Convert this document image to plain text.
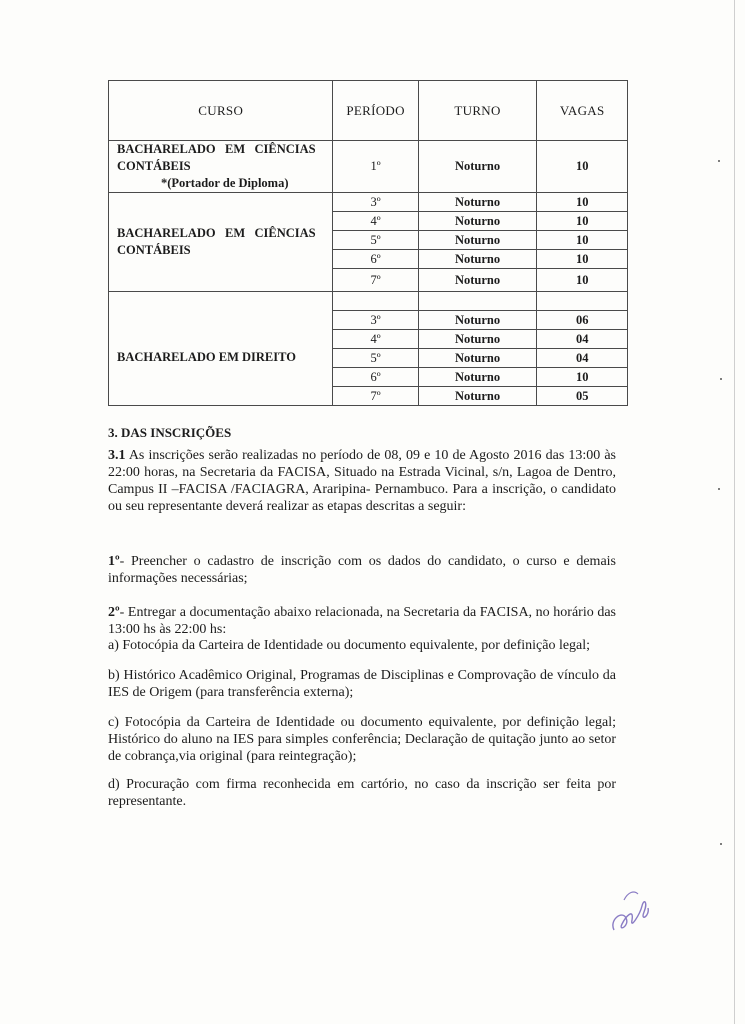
CURSO	PERÍODO	TURNO	VAGAS

BACHARELADO   EM   CIÊNCIAS
CONTÁBEIS
*(Portador de Diploma)	1º	Noturno	10

BACHARELADO   EM   CIÊNCIAS
CONTÁBEIS	3º	Noturno	10
	4º	Noturno	10
	5º	Noturno	10
	6º	Noturno	10
	7º	Noturno	10

BACHARELADO EM DIREITO	3º	Noturno	06
	4º	Noturno	04
	5º	Noturno	04
	6º	Noturno	10
	7º	Noturno	05
3. DAS INSCRIÇÕES
3.1 As inscrições serão realizadas no período de 08, 09 e 10 de Agosto 2016 das 13:00 às 22:00 horas, na Secretaria da FACISA, Situado na Estrada Vicinal, s/n, Lagoa de Dentro, Campus II –FACISA /FACIAGRA, Araripina- Pernambuco. Para a inscrição, o candidato ou seu representante deverá realizar as etapas descritas a seguir:
1º- Preencher o cadastro de inscrição com os dados do candidato, o curso e demais informações necessárias;
2º- Entregar a documentação abaixo relacionada, na Secretaria da FACISA, no horário das 13:00 hs às 22:00 hs:
a) Fotocópia da Carteira de Identidade ou documento equivalente, por definição legal;
b) Histórico Acadêmico Original, Programas de Disciplinas e Comprovação de vínculo da IES de Origem (para transferência externa);
c) Fotocópia da Carteira de Identidade ou documento equivalente, por definição legal; Histórico do aluno na IES para simples conferência; Declaração de quitação junto ao setor de cobrança,via original (para reintegração);
d) Procuração com firma reconhecida em cartório, no caso da inscrição ser feita por representante.
